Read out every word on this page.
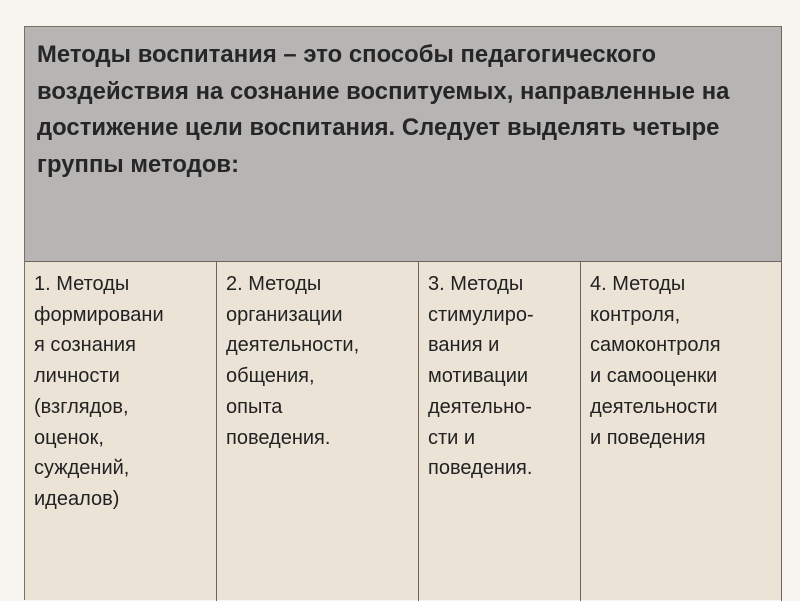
Методы воспитания – это способы педагогического воздействия на сознание воспитуемых, направленные на достижение цели воспитания. Следует выделять четыре группы методов:

1. Методы
формировани
я сознания
личности
(взглядов,
оценок,
суждений,
идеалов)

2. Методы
организации
деятельности,
общения,
опыта
поведения.

3. Методы
стимулиро-
вания и
мотивации
деятельно-
сти и
поведения.

4. Методы
контроля,
самоконтроля
и самооценки
деятельности
и поведения
